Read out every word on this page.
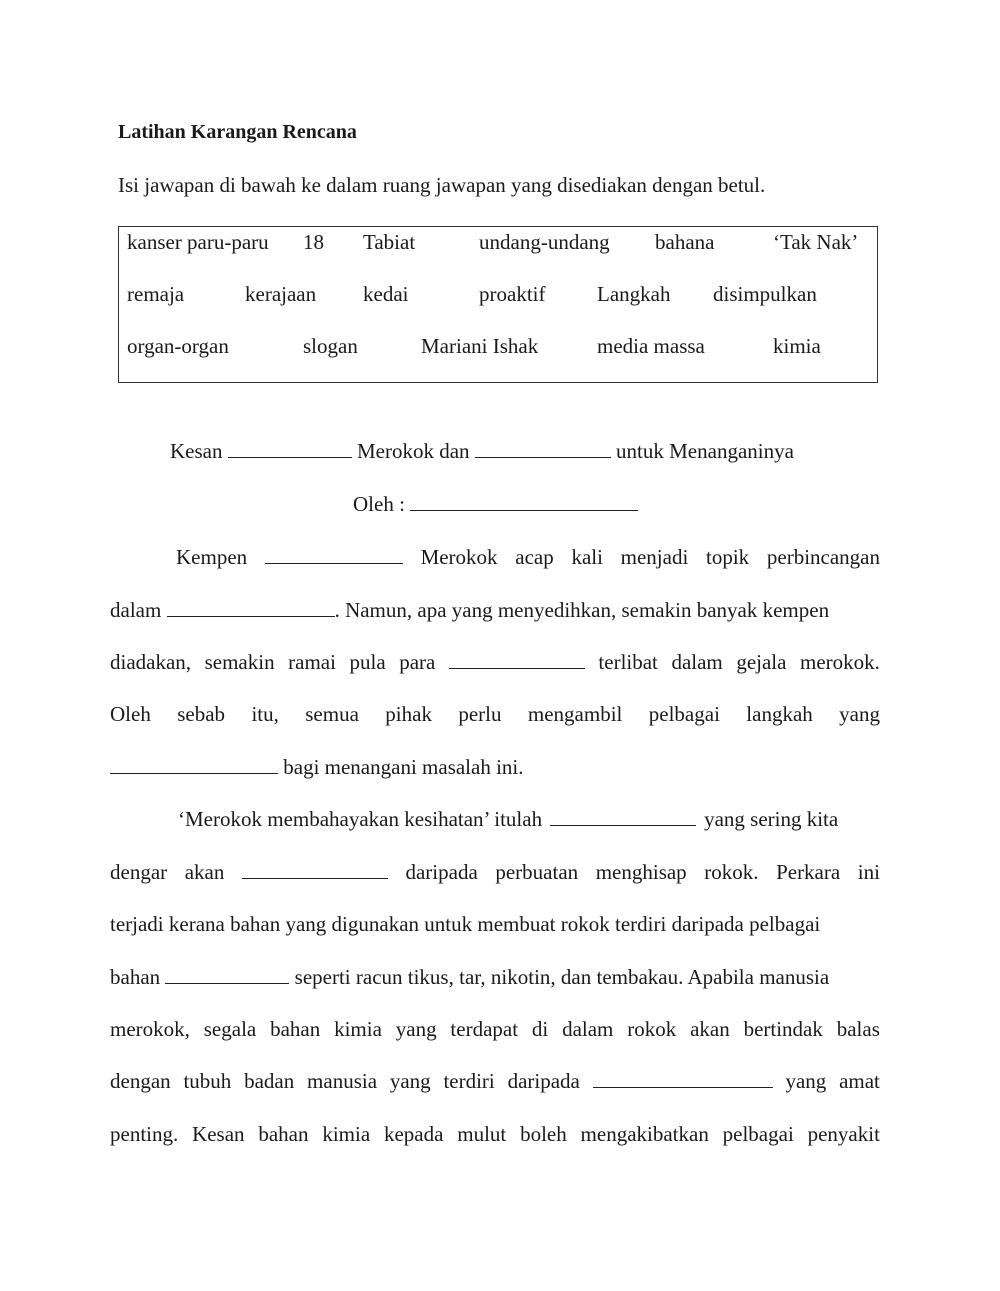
Latihan Karangan Rencana
Isi jawapan di bawah ke dalam ruang jawapan yang disediakan dengan betul.
kanser paru-paru 18 Tabiat	undang-undang bahana	‘Tak Nak’
remaja	kerajaan kedai	proaktif Langkah disimpulkan
organ-organ	slogan	Mariani Ishak	media massa	kimia
Kesan	Merokok dan	untuk Menanganinya
Oleh :
Kempen	Merokok acap kali menjadi topik perbincangan
dalam	. Namun, apa yang menyedihkan, semakin banyak kempen
diadakan, semakin ramai pula para	terlibat dalam gejala merokok.
Oleh sebab itu, semua pihak perlu mengambil pelbagai langkah yang
bagi menangani masalah ini.
‘Merokok membahayakan kesihatan’ itulah	yang sering kita
dengar akan	daripada perbuatan menghisap rokok. Perkara ini
terjadi kerana bahan yang digunakan untuk membuat rokok terdiri daripada pelbagai
bahan	seperti racun tikus, tar, nikotin, dan tembakau. Apabila manusia
merokok, segala bahan kimia yang terdapat di dalam rokok akan bertindak balas
dengan tubuh badan manusia yang terdiri daripada	yang amat
penting. Kesan bahan kimia kepada mulut boleh mengakibatkan pelbagai penyakit
